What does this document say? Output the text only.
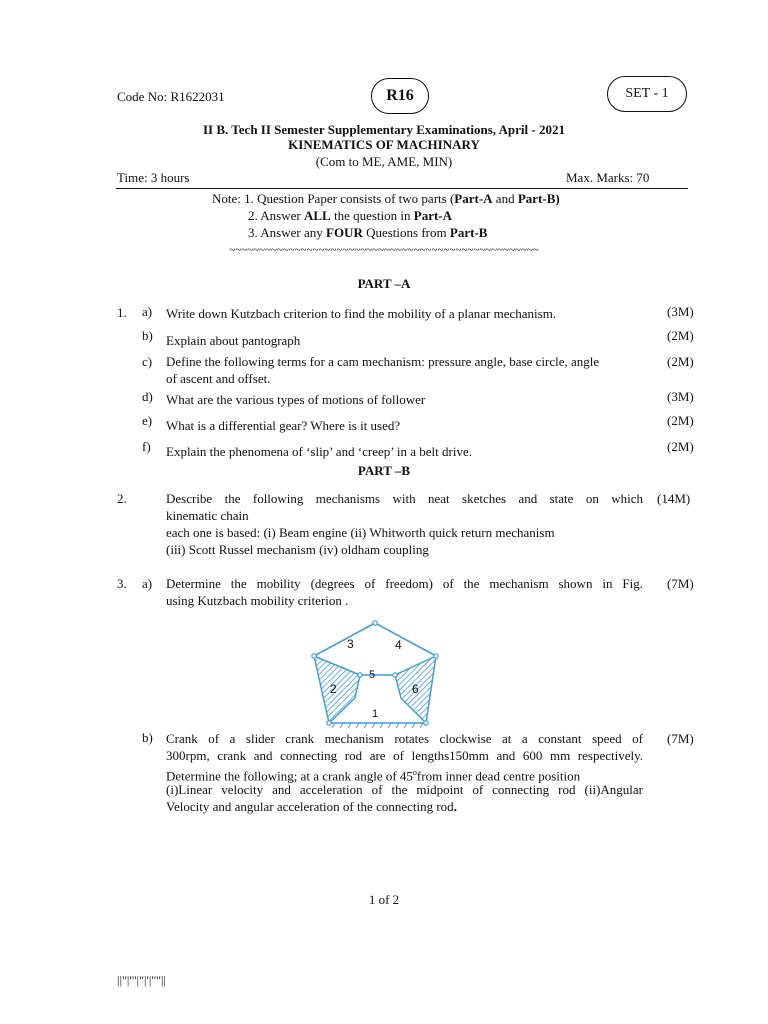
Code No: R1622031	R16	SET - 1
II B. Tech II Semester Supplementary Examinations, April - 2021
KINEMATICS OF MACHINARY
(Com to ME, AME, MIN)
Time: 3 hours	Max. Marks: 70
Note: 1. Question Paper consists of two parts (Part-A and Part-B)
2. Answer ALL the question in Part-A
3. Answer any FOUR Questions from Part-B
~~~~~~~~~~~~~~~~~~~~~~~~~~~~~~~~~~~~~~~~~~~~~~~~~~~~
PART –A
1. a) Write down Kutzbach criterion to find the mobility of a planar mechanism.	(3M)
b) Explain about pantograph	(2M)
c) Define the following terms for a cam mechanism: pressure angle, base circle, angle
of ascent and offset.
(2M)
d) What are the various types of motions of follower	(3M)
e) What is a differential gear? Where is it used?	(2M)
f) Explain the phenomena of ‘slip’ and ‘creep’ in a belt drive.	(2M)
PART –B
2.	Describe the following mechanisms with neat sketches and state on which
kinematic chain
each one is based: (i) Beam engine (ii) Whitworth quick return mechanism
(iii) Scott Russel mechanism (iv) oldham coupling
(14M)
3. a) Determine the mobility (degrees of freedom) of the mechanism shown in Fig.
using Kutzbach mobility criterion .
(7M)
3	4
5
2	6
1
b) Crank of a slider crank mechanism rotates clockwise at a constant speed of
300rpm, crank and connecting rod are of lengths150mm and 600 mm respectively.
Determine the following; at a crank angle of 45$^o$from inner dead centre position
(i)Linear velocity and acceleration of the midpoint of connecting rod (ii)Angular
Velocity and angular acceleration of the connecting rod.
(7M)
1 of 2
||''|'''|''|'|''''||
